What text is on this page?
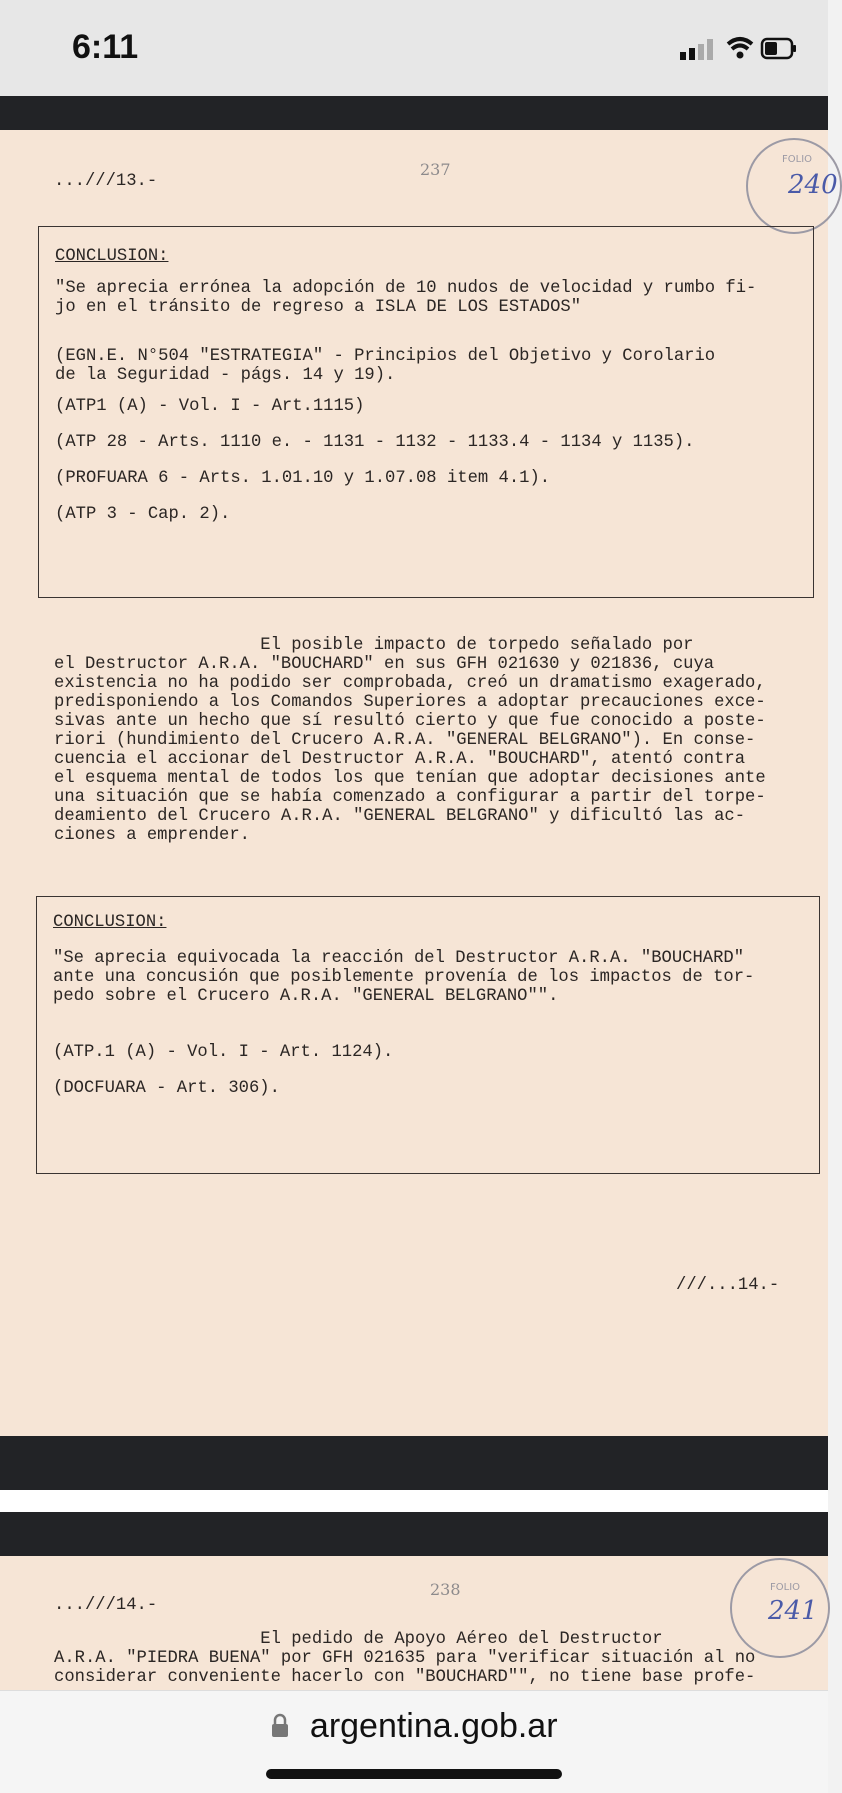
6:11
...///13.-
237
FOLIO
240
CONCLUSION:
"Se aprecia errónea la adopción de 10 nudos de velocidad y rumbo fi-
jo en el tránsito de regreso a ISLA DE LOS ESTADOS"
(EGN.E. N°504 "ESTRATEGIA" - Principios del Objetivo y Corolario
de la Seguridad - págs. 14 y 19).
(ATP1 (A) - Vol. I - Art.1115)
(ATP 28 - Arts. 1110 e. - 1131 - 1132 - 1133.4 - 1134 y 1135).
(PROFUARA 6 - Arts. 1.01.10 y 1.07.08 item 4.1).
(ATP 3 - Cap. 2).
El posible impacto de torpedo señalado por
el Destructor A.R.A. "BOUCHARD" en sus GFH 021630 y 021836, cuya
existencia no ha podido ser comprobada, creó un dramatismo exagerado,
predisponiendo a los Comandos Superiores a adoptar precauciones exce-
sivas ante un hecho que sí resultó cierto y que fue conocido a poste-
riori (hundimiento del Crucero A.R.A. "GENERAL BELGRANO"). En conse-
cuencia el accionar del Destructor A.R.A. "BOUCHARD", atentó contra
el esquema mental de todos los que tenían que adoptar decisiones ante
una situación que se había comenzado a configurar a partir del torpe-
deamiento del Crucero A.R.A. "GENERAL BELGRANO" y dificultó las ac-
ciones a emprender.
CONCLUSION:
"Se aprecia equivocada la reacción del Destructor A.R.A. "BOUCHARD"
ante una concusión que posiblemente provenía de los impactos de tor-
pedo sobre el Crucero A.R.A. "GENERAL BELGRANO"".
(ATP.1 (A) - Vol. I - Art. 1124).
(DOCFUARA - Art. 306).
///...14.-
...///14.-
238	FOLIO
241
El pedido de Apoyo Aéreo del Destructor
A.R.A. "PIEDRA BUENA" por GFH 021635 para "verificar situación al no
considerar conveniente hacerlo con "BOUCHARD"", no tiene base profe-
argentina.gob.ar
